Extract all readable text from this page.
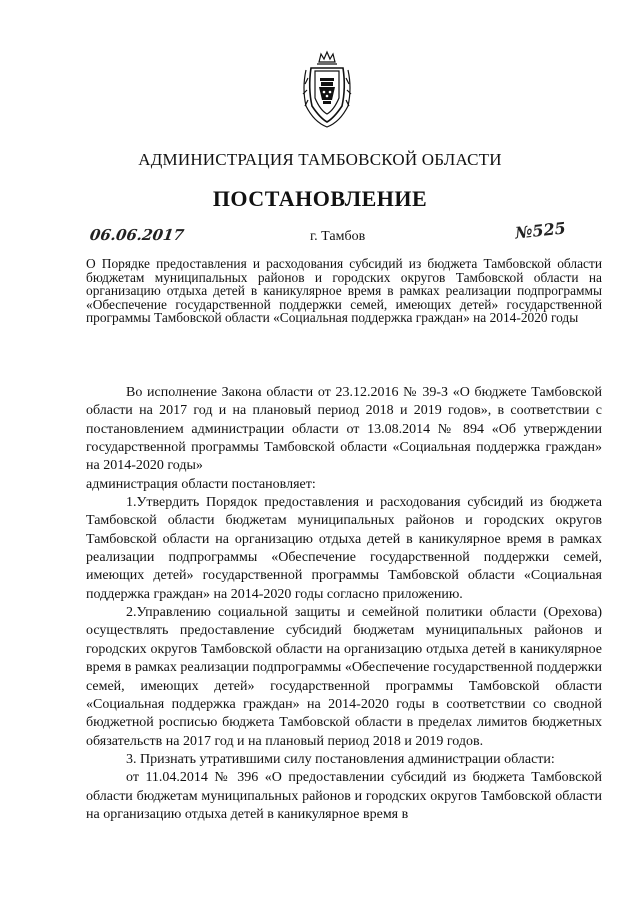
АДМИНИСТРАЦИЯ ТАМБОВСКОЙ ОБЛАСТИ
ПОСТАНОВЛЕНИЕ
06.06.2017	г. Тамбов	№525
О Порядке предоставления и расходования субсидий из бюджета Тамбовской области бюджетам муниципальных районов и городских округов Тамбовской области на организацию отдыха детей в каникулярное время в рамках реализации подпрограммы «Обеспечение государственной поддержки семей, имеющих детей» государственной программы Тамбовской области «Социальная поддержка граждан» на 2014-2020 годы

Во исполнение Закона области от 23.12.2016 № 39-З «О бюджете Тамбовской области на 2017 год и на плановый период 2018 и 2019 годов», в соответствии с постановлением администрации области от 13.08.2014 № 894 «Об утверждении государственной программы Тамбовской области «Социальная поддержка граждан» на 2014-2020 годы»

администрация области постановляет:

1.Утвердить Порядок предоставления и расходования субсидий из бюджета Тамбовской области бюджетам муниципальных районов и городских округов Тамбовской области на организацию отдыха детей в каникулярное время в рамках реализации подпрограммы «Обеспечение государственной поддержки семей, имеющих детей» государственной программы Тамбовской области «Социальная поддержка граждан» на 2014-2020 годы согласно приложению.

2.Управлению социальной защиты и семейной политики области (Орехова) осуществлять предоставление субсидий бюджетам муниципальных районов и городских округов Тамбовской области на организацию отдыха детей в каникулярное время в рамках реализации подпрограммы «Обеспечение государственной поддержки семей, имеющих детей» государственной программы Тамбовской области «Социальная поддержка граждан» на 2014-2020 годы в соответствии со сводной бюджетной росписью бюджета Тамбовской области в пределах лимитов бюджетных обязательств на 2017 год и на плановый период 2018 и 2019 годов.

3. Признать утратившими силу постановления администрации области:

от 11.04.2014 № 396 «О предоставлении субсидий из бюджета Тамбовской области бюджетам муниципальных районов и городских округов Тамбовской области на организацию отдыха детей в каникулярное время в
